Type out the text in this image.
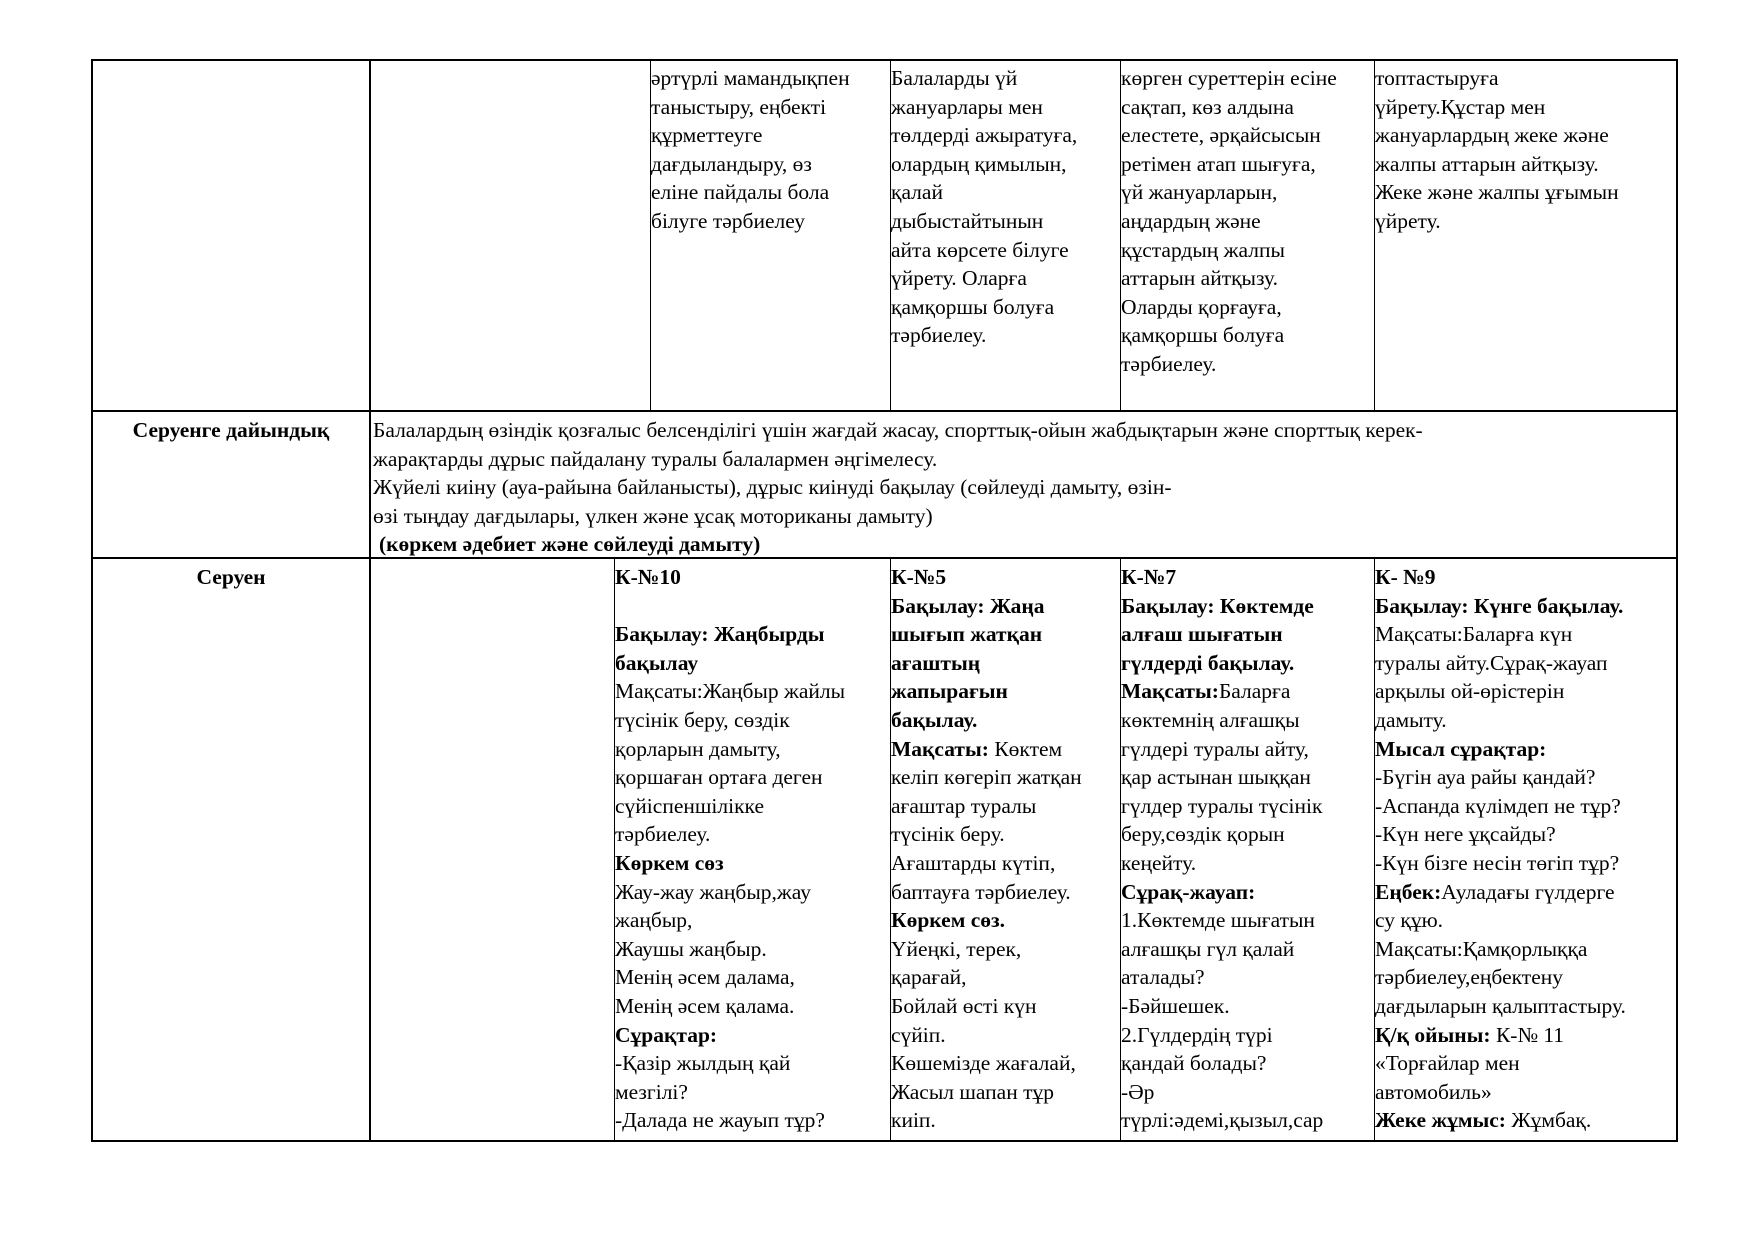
әртүрлі мамандықпен
таныстыру, еңбекті
құрметтеуге
дағдыландыру, өз
еліне пайдалы бола
білуге тәрбиелеу
Балаларды үй
жануарлары мен
төлдерді ажыратуға,
олардың қимылын,
қалай
дыбыстайтынын
айта көрсете білуге
үйрету. Оларға
қамқоршы болуға
тәрбиелеу.
көрген суреттерін есіне
сақтап, көз алдына
елестете, әрқайсысын
ретімен атап шығуға,
үй жануарларын,
аңдардың және
құстардың жалпы
аттарын айтқызу.
Оларды қорғауға,
қамқоршы болуға
тәрбиелеу.
топтастыруға
үйрету.Құстар мен
жануарлардың жеке және
жалпы аттарын айтқызу.
Жеке және жалпы ұғымын
үйрету.
Серуенге дайындық	Балалардың өзіндік қозғалыс белсенділігі үшін жағдай жасау, спорттық-ойын жабдықтарын және спорттық керек-
жарақтарды дұрыс пайдалану туралы балалармен әңгімелесу.
Жүйелі киіну (ауа-райына байланысты), дұрыс киінуді бақылау (сөйлеуді дамыту, өзін-
өзі тыңдау дағдылары, үлкен және ұсақ моториканы дамыту)
(көркем әдебиет және сөйлеуді дамыту)
Серуен	К-№10

Бақылау: Жаңбырды
бақылау
Мақсаты:Жаңбыр жайлы
түсінік беру, сөздік
қорларын дамыту,
қоршаған ортаға деген
сүйіспеншілікке
тәрбиелеу.
Көркем сөз
Жау-жау жаңбыр,жау
жаңбыр,
Жаушы жаңбыр.
Менің әсем далама,
Менің әсем қалама.
Сұрақтар:
-Қазір жылдың қай
мезгілі?
-Далада не жауып тұр?
К-№5
Бақылау: Жаңа
шығып жатқан
ағаштың
жапырағын
бақылау.
Мақсаты: Көктем
келіп көгеріп жатқан
ағаштар туралы
түсінік беру.
Ағаштарды күтіп,
баптауға тәрбиелеу.
Көркем сөз.
Үйеңкі, терек,
қарағай,
Бойлай өсті күн
сүйіп.
Көшемізде жағалай,
Жасыл шапан тұр
киіп.
К-№7
Бақылау: Көктемде
алғаш шығатын
гүлдерді бақылау.
Мақсаты:Баларға
көктемнің алғашқы
гүлдері туралы айту,
қар астынан шыққан
гүлдер туралы түсінік
беру,сөздік қорын
кеңейту.
Сұрақ-жауап:
1.Көктемде шығатын
алғашқы гүл қалай
аталады?
-Бәйшешек.
2.Гүлдердің түрі
қандай болады?
-Әр
түрлі:әдемі,қызыл,сар
К- №9
Бақылау: Күнге бақылау.
Мақсаты:Баларға күн
туралы айту.Сұрақ-жауап
арқылы ой-өрістерін
дамыту.
Мысал сұрақтар:
-Бүгін ауа райы қандай?
-Аспанда күлімдеп не тұр?
-Күн неге ұқсайды?
-Күн бізге несін төгіп тұр?
Еңбек:Ауладағы гүлдерге
су құю.
Мақсаты:Қамқорлыққа
тәрбиелеу,еңбектену
дағдыларын қалыптастыру.
Қ/қ ойыны: К-№ 11
«Торғайлар мен
автомобиль»
Жеке жұмыс: Жұмбақ.
